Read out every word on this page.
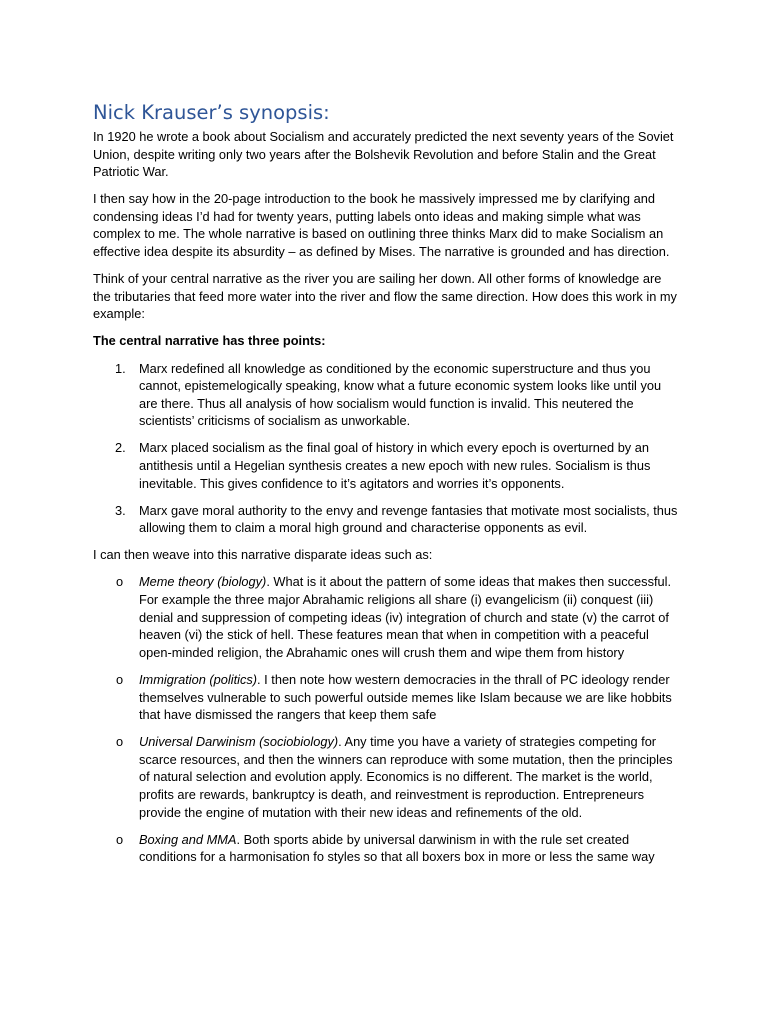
Nick Krauser’s synopsis:

In 1920 he wrote a book about Socialism and accurately predicted the next seventy years of the Soviet Union, despite writing only two years after the Bolshevik Revolution and before Stalin and the Great Patriotic War.

I then say how in the 20-page introduction to the book he massively impressed me by clarifying and condensing ideas I’d had for twenty years, putting labels onto ideas and making simple what was complex to me. The whole narrative is based on outlining three thinks Marx did to make Socialism an effective idea despite its absurdity – as defined by Mises. The narrative is grounded and has direction.

Think of your central narrative as the river you are sailing her down. All other forms of knowledge are the tributaries that feed more water into the river and flow the same direction. How does this work in my example:

The central narrative has three points:

1. Marx redefined all knowledge as conditioned by the economic superstructure and thus you cannot, epistemelogically speaking, know what a future economic system looks like until you are there. Thus all analysis of how socialism would function is invalid. This neutered the scientists’ criticisms of socialism as unworkable.
2. Marx placed socialism as the final goal of history in which every epoch is overturned by an antithesis until a Hegelian synthesis creates a new epoch with new rules. Socialism is thus inevitable. This gives confidence to it’s agitators and worries it’s opponents.
3. Marx gave moral authority to the envy and revenge fantasies that motivate most socialists, thus allowing them to claim a moral high ground and characterise opponents as evil.

I can then weave into this narrative disparate ideas such as:

o Meme theory (biology). What is it about the pattern of some ideas that makes then successful. For example the three major Abrahamic religions all share (i) evangelicism (ii) conquest (iii) denial and suppression of competing ideas (iv) integration of church and state (v) the carrot of heaven (vi) the stick of hell. These features mean that when in competition with a peaceful open-minded religion, the Abrahamic ones will crush them and wipe them from history
o Immigration (politics). I then note how western democracies in the thrall of PC ideology render themselves vulnerable to such powerful outside memes like Islam because we are like hobbits that have dismissed the rangers that keep them safe
o Universal Darwinism (sociobiology). Any time you have a variety of strategies competing for scarce resources, and then the winners can reproduce with some mutation, then the principles of natural selection and evolution apply. Economics is no different. The market is the world, profits are rewards, bankruptcy is death, and reinvestment is reproduction. Entrepreneurs provide the engine of mutation with their new ideas and refinements of the old.
o Boxing and MMA. Both sports abide by universal darwinism in with the rule set created conditions for a harmonisation fo styles so that all boxers box in more or less the same way
